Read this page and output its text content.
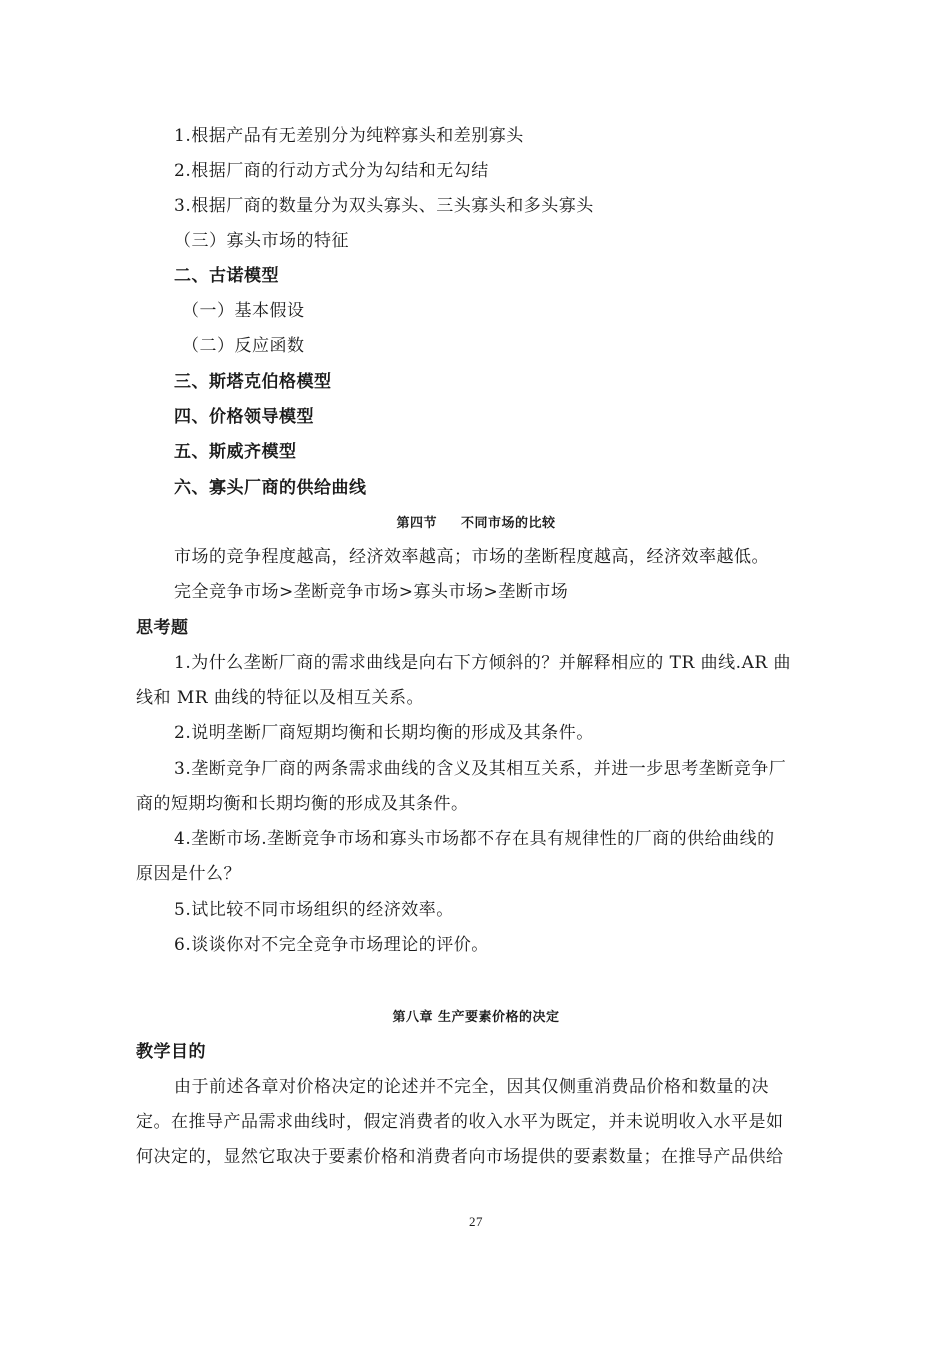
1.根据产品有无差别分为纯粹寡头和差别寡头
2.根据厂商的行动方式分为勾结和无勾结
3.根据厂商的数量分为双头寡头、三头寡头和多头寡头
（三）寡头市场的特征
二、古诺模型
（一）基本假设
（二）反应函数
三、斯塔克伯格模型
四、价格领导模型
五、斯威齐模型
六、寡头厂商的供给曲线
第四节 不同市场的比较
市场的竞争程度越高，经济效率越高；市场的垄断程度越高，经济效率越低。
完全竞争市场>垄断竞争市场>寡头市场>垄断市场
思考题
1.为什么垄断厂商的需求曲线是向右下方倾斜的？并解释相应的 TR 曲线.AR 曲
线和 MR 曲线的特征以及相互关系。
2.说明垄断厂商短期均衡和长期均衡的形成及其条件。
3.垄断竞争厂商的两条需求曲线的含义及其相互关系，并进一步思考垄断竞争厂
商的短期均衡和长期均衡的形成及其条件。
4.垄断市场.垄断竞争市场和寡头市场都不存在具有规律性的厂商的供给曲线的
原因是什么？
5.试比较不同市场组织的经济效率。
6.谈谈你对不完全竞争市场理论的评价。
第八章 生产要素价格的决定
教学目的
由于前述各章对价格决定的论述并不完全，因其仅侧重消费品价格和数量的决
定。在推导产品需求曲线时，假定消费者的收入水平为既定，并未说明收入水平是如
何决定的，显然它取决于要素价格和消费者向市场提供的要素数量；在推导产品供给
27
